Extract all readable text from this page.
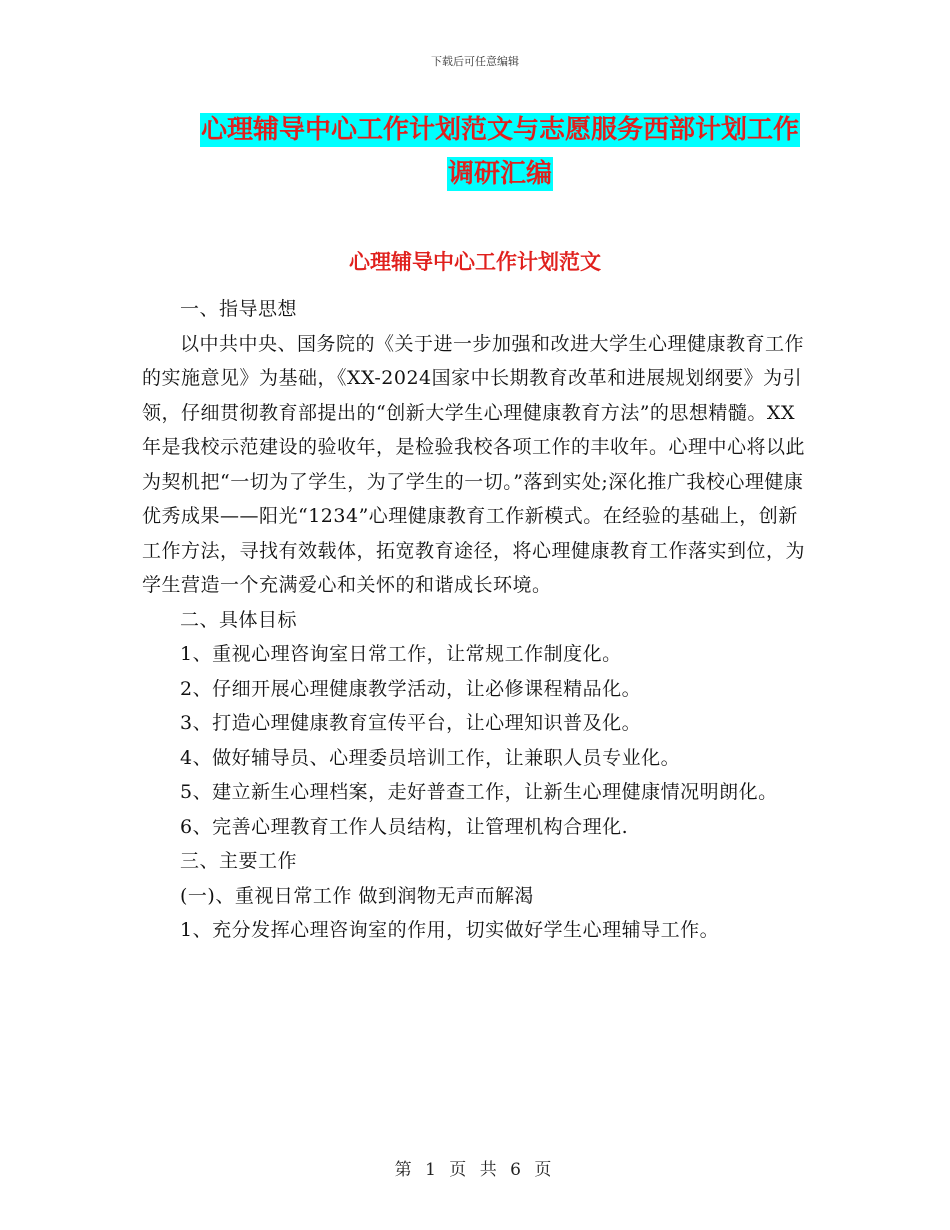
下载后可任意编辑
心理辅导中心工作计划范文与志愿服务西部计划工作
调研汇编
心理辅导中心工作计划范文

一、指导思想

以中共中央、国务院的《关于进一步加强和改进大学生心理健康教育工作的实施意见》为基础，《XX-2024国家中长期教育改革和进展规划纲要》为引领，仔细贯彻教育部提出的“创新大学生心理健康教育方法”的思想精髓。XX年是我校示范建设的验收年，是检验我校各项工作的丰收年。心理中心将以此为契机把“一切为了学生，为了学生的一切。”落到实处;深化推广我校心理健康优秀成果——阳光“1234”心理健康教育工作新模式。在经验的基础上，创新工作方法，寻找有效载体，拓宽教育途径，将心理健康教育工作落实到位，为学生营造一个充满爱心和关怀的和谐成长环境。

二、具体目标

1、重视心理咨询室日常工作，让常规工作制度化。

2、仔细开展心理健康教学活动，让必修课程精品化。

3、打造心理健康教育宣传平台，让心理知识普及化。

4、做好辅导员、心理委员培训工作，让兼职人员专业化。

5、建立新生心理档案，走好普查工作，让新生心理健康情况明朗化。

6、完善心理教育工作人员结构，让管理机构合理化.

三、主要工作

(一)、重视日常工作 做到润物无声而解渴

1、充分发挥心理咨询室的作用，切实做好学生心理辅导工作。

第 1 页 共 6 页
